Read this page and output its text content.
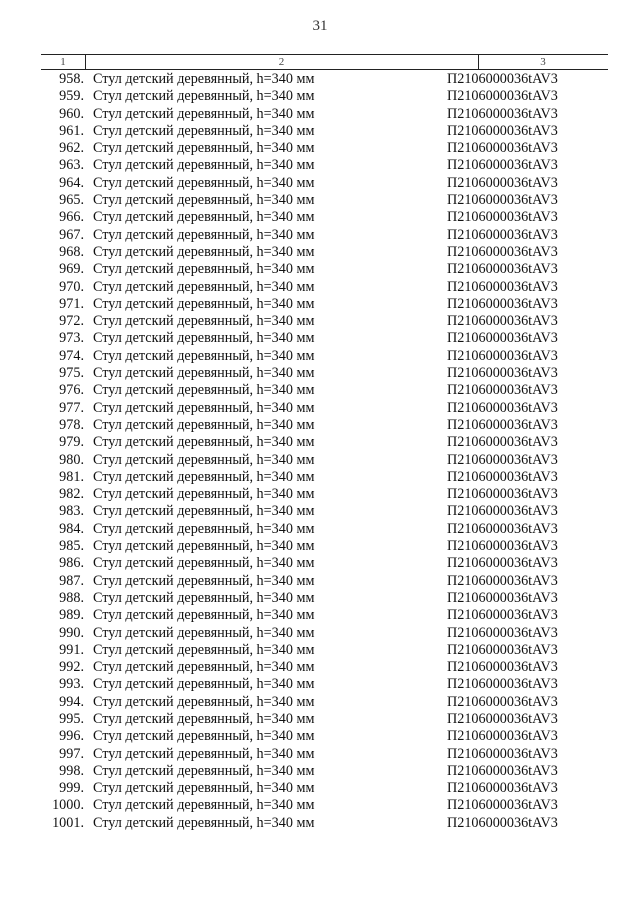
31
1	2	3
958. Стул детский деревянный, h=340 мм	П2106000036tAV3
959. Стул детский деревянный, h=340 мм	П2106000036tAV3
960. Стул детский деревянный, h=340 мм	П2106000036tAV3
961. Стул детский деревянный, h=340 мм	П2106000036tAV3
962. Стул детский деревянный, h=340 мм	П2106000036tAV3
963. Стул детский деревянный, h=340 мм	П2106000036tAV3
964. Стул детский деревянный, h=340 мм	П2106000036tAV3
965. Стул детский деревянный, h=340 мм	П2106000036tAV3
966. Стул детский деревянный, h=340 мм	П2106000036tAV3
967. Стул детский деревянный, h=340 мм	П2106000036tAV3
968. Стул детский деревянный, h=340 мм	П2106000036tAV3
969. Стул детский деревянный, h=340 мм	П2106000036tAV3
970. Стул детский деревянный, h=340 мм	П2106000036tAV3
971. Стул детский деревянный, h=340 мм	П2106000036tAV3
972. Стул детский деревянный, h=340 мм	П2106000036tAV3
973. Стул детский деревянный, h=340 мм	П2106000036tAV3
974. Стул детский деревянный, h=340 мм	П2106000036tAV3
975. Стул детский деревянный, h=340 мм	П2106000036tAV3
976. Стул детский деревянный, h=340 мм	П2106000036tAV3
977. Стул детский деревянный, h=340 мм	П2106000036tAV3
978. Стул детский деревянный, h=340 мм	П2106000036tAV3
979. Стул детский деревянный, h=340 мм	П2106000036tAV3
980. Стул детский деревянный, h=340 мм	П2106000036tAV3
981. Стул детский деревянный, h=340 мм	П2106000036tAV3
982. Стул детский деревянный, h=340 мм	П2106000036tAV3
983. Стул детский деревянный, h=340 мм	П2106000036tAV3
984. Стул детский деревянный, h=340 мм	П2106000036tAV3
985. Стул детский деревянный, h=340 мм	П2106000036tAV3
986. Стул детский деревянный, h=340 мм	П2106000036tAV3
987. Стул детский деревянный, h=340 мм	П2106000036tAV3
988. Стул детский деревянный, h=340 мм	П2106000036tAV3
989. Стул детский деревянный, h=340 мм	П2106000036tAV3
990. Стул детский деревянный, h=340 мм	П2106000036tAV3
991. Стул детский деревянный, h=340 мм	П2106000036tAV3
992. Стул детский деревянный, h=340 мм	П2106000036tAV3
993. Стул детский деревянный, h=340 мм	П2106000036tAV3
994. Стул детский деревянный, h=340 мм	П2106000036tAV3
995. Стул детский деревянный, h=340 мм	П2106000036tAV3
996. Стул детский деревянный, h=340 мм	П2106000036tAV3
997. Стул детский деревянный, h=340 мм	П2106000036tAV3
998. Стул детский деревянный, h=340 мм	П2106000036tAV3
999. Стул детский деревянный, h=340 мм	П2106000036tAV3
1000. Стул детский деревянный, h=340 мм	П2106000036tAV3
1001. Стул детский деревянный, h=340 мм	П2106000036tAV3
